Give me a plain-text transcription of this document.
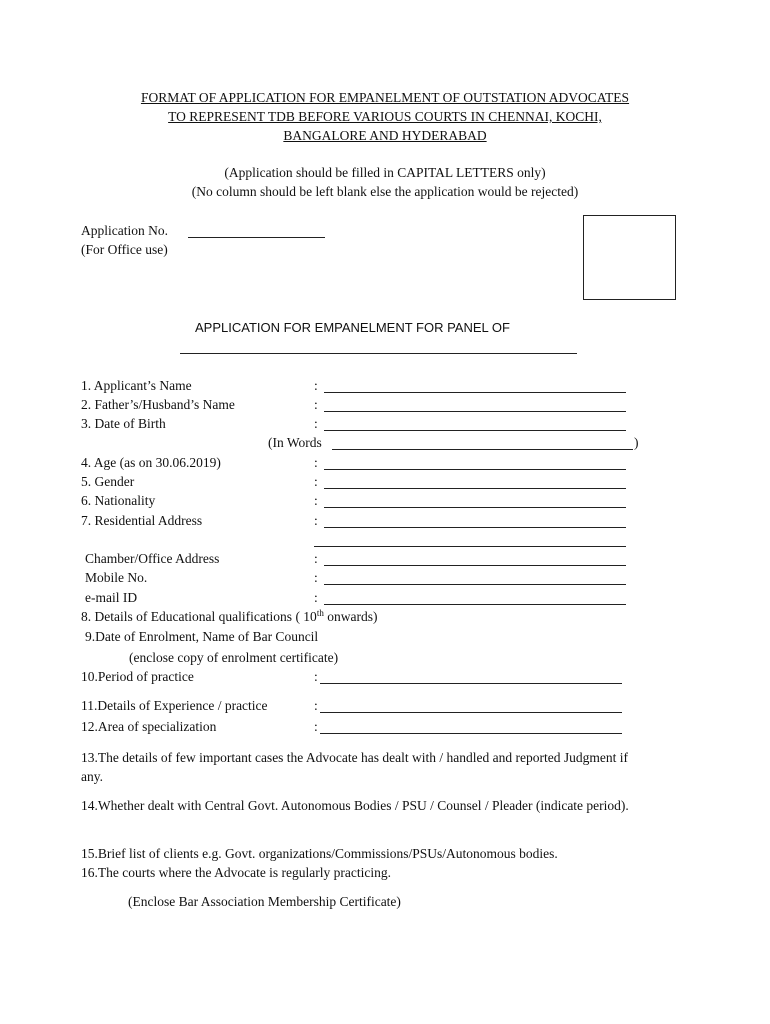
FORMAT OF APPLICATION FOR EMPANELMENT OF OUTSTATION ADVOCATES
TO REPRESENT TDB BEFORE VARIOUS COURTS IN CHENNAI, KOCHI,
BANGALORE AND HYDERABAD
(Application should be filled in CAPITAL LETTERS only)
(No column should be left blank else the application would be rejected)
Application No.
(For Office use)
APPLICATION FOR EMPANELMENT FOR PANEL OF
1. Applicant’s Name	:
2. Father’s/Husband’s Name	:
3. Date of Birth	:
(In Words	)
4. Age (as on 30.06.2019)	:
5. Gender	:
6. Nationality	:
7. Residential Address	:
Chamber/Office Address	:
Mobile No.	:
e-mail ID	:
8. Details of Educational qualifications ( 10th onwards)
9.Date of Enrolment, Name of Bar Council
(enclose copy of enrolment certificate)
10.Period of practice	:
11.Details of Experience / practice	:
12.Area of specialization	:
13.The details of few important cases the Advocate has dealt with / handled and reported Judgment if any.
14.Whether dealt with Central Govt. Autonomous Bodies / PSU / Counsel / Pleader (indicate period).
15.Brief list of clients e.g. Govt. organizations/Commissions/PSUs/Autonomous bodies.
16.The courts where the Advocate is regularly practicing.
(Enclose Bar Association Membership Certificate)
